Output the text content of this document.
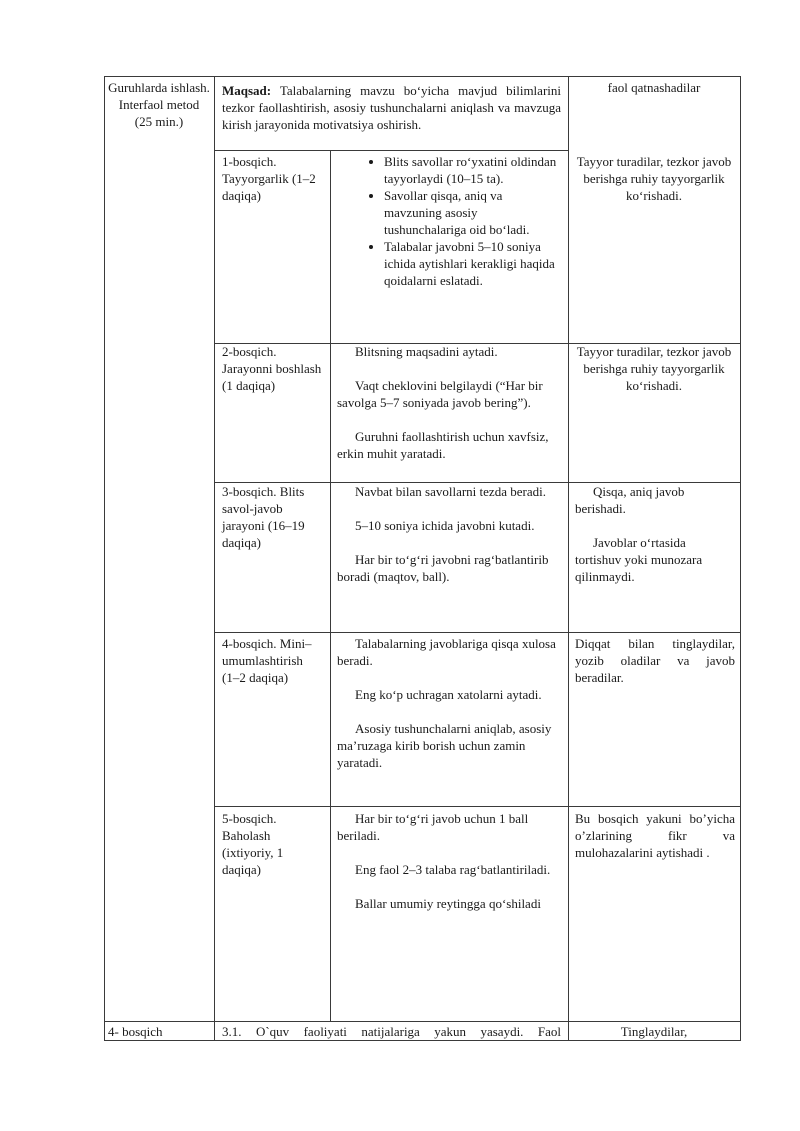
Guruhlarda ishlash.Interfaol metod
(25 min.)
Maqsad: Talabalarning mavzu bo‘yicha mavjud bilimlarini tezkor faollashtirish, asosiy tushunchalarni aniqlash va mavzuga kirish jarayonida motivatsiya oshirish.
faol qatnashadilar
1-bosqich. Tayyorgarlik (1–2 daqiqa)
• Blits savollar ro‘yxatini oldindan tayyorlaydi (10–15 ta).
• Savollar qisqa, aniq va mavzuning asosiy tushunchalariga oid bo‘ladi.
• Talabalar javobni 5–10 soniya ichida aytishlari kerakligi haqida qoidalarni eslatadi.
Tayyor turadilar, tezkor javob berishga ruhiy tayyorgarlik ko‘rishadi.
2-bosqich. Jarayonni boshlash (1 daqiqa)

Blitsning maqsadini aytadi.

Vaqt cheklovini belgilaydi (“Har bir savolga 5–7 soniyada javob bering”).

Guruhni faollashtirish uchun xavfsiz, erkin muhit yaratadi.

Tayyor turadilar, tezkor javob berishga ruhiy tayyorgarlik ko‘rishadi.
3-bosqich. Blits savol-javob jarayoni (16–19 daqiqa)

Navbat bilan savollarni tezda beradi.

5–10 soniya ichida javobni kutadi.

Har bir to‘g‘ri javobni rag‘batlantirib boradi (maqtov, ball).

Qisqa, aniq javob berishadi.

Javoblar o‘rtasida tortishuv yoki munozara qilinmaydi.

4-bosqich. Mini–umumlashtirish (1–2 daqiqa)

Talabalarning javoblariga qisqa xulosa beradi.

Eng ko‘p uchragan xatolarni aytadi.

Asosiy tushunchalarni aniqlab, asosiy ma’ruzaga kirib borish uchun zamin yaratadi.

Diqqat bilan tinglaydilar, yozib oladilar va javob beradilar.
5-bosqich. Baholash (ixtiyoriy, 1 daqiqa)

Har bir to‘g‘ri javob uchun 1 ball beriladi.

Eng faol 2–3 talaba rag‘batlantiriladi.

Ballar umumiy reytingga qo‘shiladi

Bu bosqich yakuni bo’yicha o’zlarining fikr va mulohazalarini aytishadi .
4- bosqich	3.1. O`quv faoliyati natijalariga yakun yasaydi. Faol	Tinglaydilar,
